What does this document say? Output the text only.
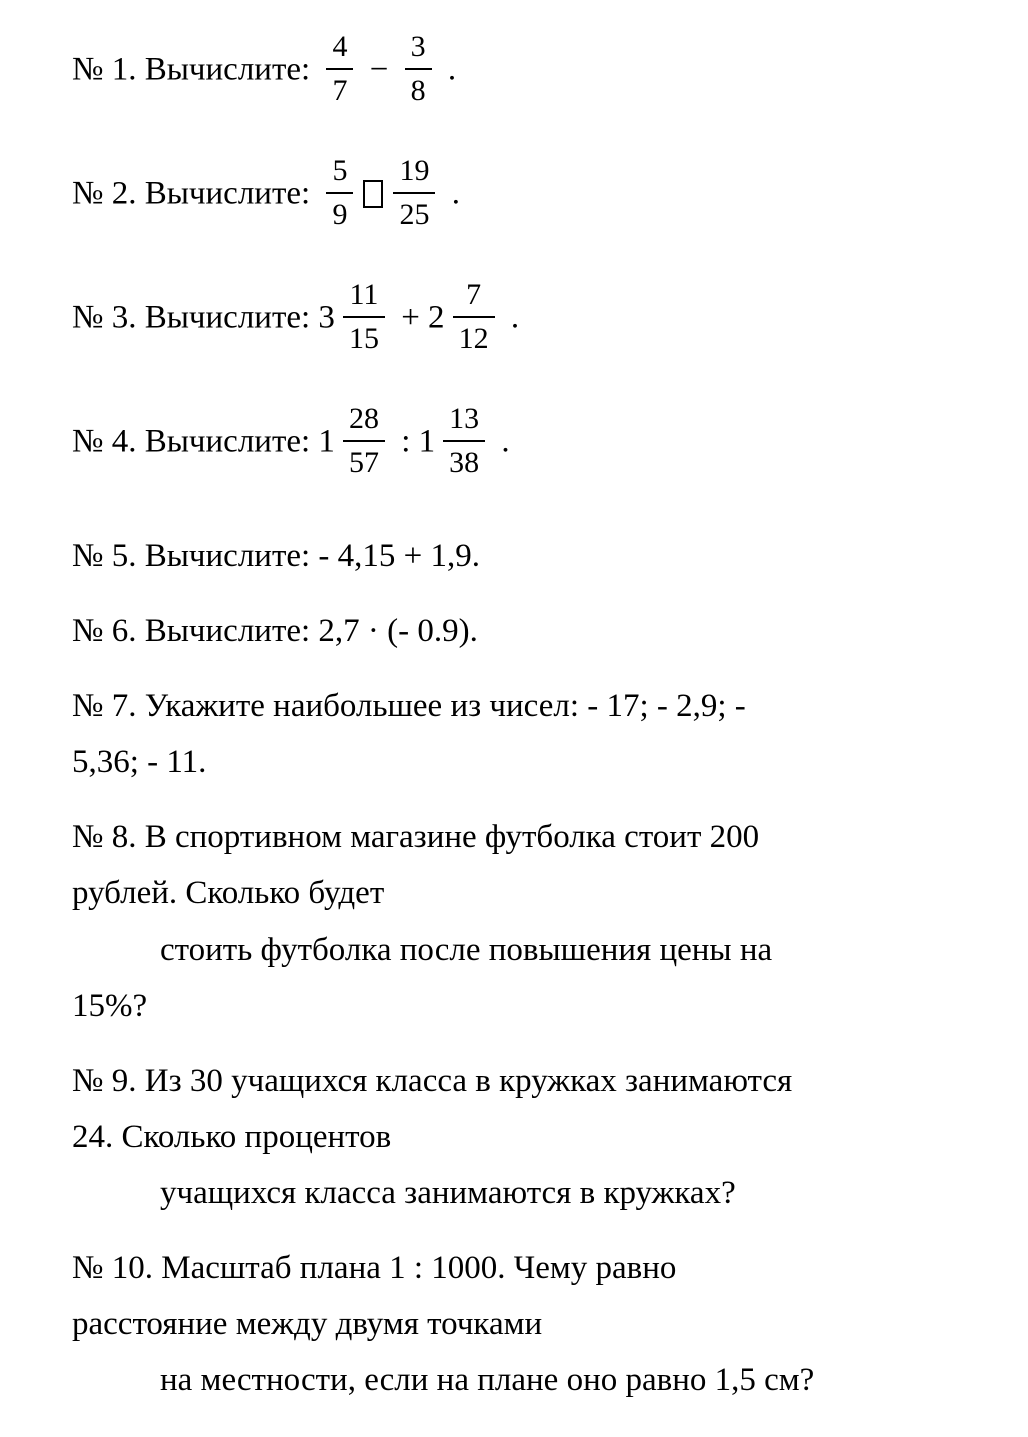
№ 1. Вычислите: $\frac{4}{7} - \frac{3}{8}$ .
№ 2. Вычислите: $\frac{5}{9} \frac{19}{25}$ .
№ 3. Вычислите: $3 \frac{11}{15} + 2 \frac{7}{12}$ .
№ 4. Вычислите: $1 \frac{28}{57}$ : $1 \frac{13}{38}$ .
№ 5. Вычислите: - 4,15 + 1,9.
№ 6. Вычислите: 2,7 · (- 0.9).
№ 7. Укажите наибольшее из чисел: - 17; - 2,9; -
5,36; - 11.
№ 8. В спортивном магазине футболка стоит 200
рублей. Сколько будет
стоить футболка после повышения цены на
15%?
№ 9. Из 30 учащихся класса в кружках занимаются
24. Сколько процентов
учащихся класса занимаются в кружках?
№ 10. Масштаб плана 1 : 1000. Чему равно
расстояние между двумя точками
на местности, если на плане оно равно 1,5 см?
